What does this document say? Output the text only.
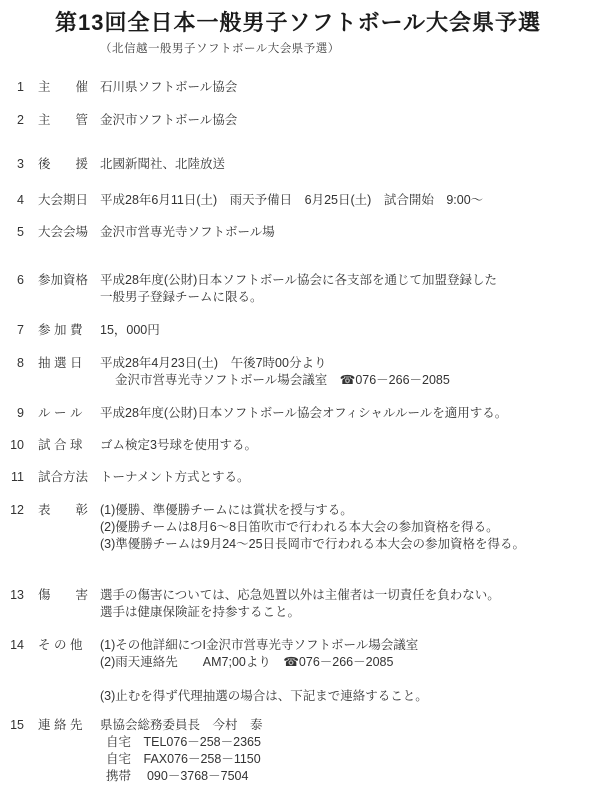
第13回全日本一般男子ソフトボール大会県予選
（北信越一般男子ソフトボール大会県予選）
1 主　　催 石川県ソフトボール協会
2 主　　管 金沢市ソフトボール協会
3 後　　援 北國新聞社、北陸放送
4 大会期日 平成28年6月11日(土)　雨天予備日　6月25日(土)　試合開始　9:00～
5 大会会場 金沢市営専光寺ソフトボール場
6 参加資格 平成28年度(公財)日本ソフトボール協会に各支部を通じて加盟登録した
一般男子登録チームに限る。
7 参 加 費	15，000円
8 抽 選 日	平成28年4月23日(土)　午後7時00分より
金沢市営専光寺ソフトボール場会議室　☎076－266－2085
9 ル ー ル	平成28年度(公財)日本ソフトボール協会オフィシャルルールを適用する。
10 試 合 球	ゴム検定3号球を使用する。
11 試合方法 トーナメント方式とする。
12 表　　彰 (1)優勝、準優勝チームには賞状を授与する。
(2)優勝チームは8月6～8日笛吹市で行われる本大会の参加資格を得る。
(3)準優勝チームは9月24～25日長岡市で行われる本大会の参加資格を得る。
13 傷　　害 選手の傷害については、応急処置以外は主催者は一切責任を負わない。
選手は健康保険証を持参すること。
14 そ の 他	(1)その他詳細につI金沢市営専光寺ソフトボール場会議室
(2)雨天連絡先　　AM7;00より　☎076－266－2085
(3)止むを得ず代理抽選の場合は、下記まで連絡すること。
15 連 絡 先	県協会総務委員長　今村　泰
自宅　TEL076－258－2365
自宅　FAX076－258－1150
携帯　 090－3768－7504
